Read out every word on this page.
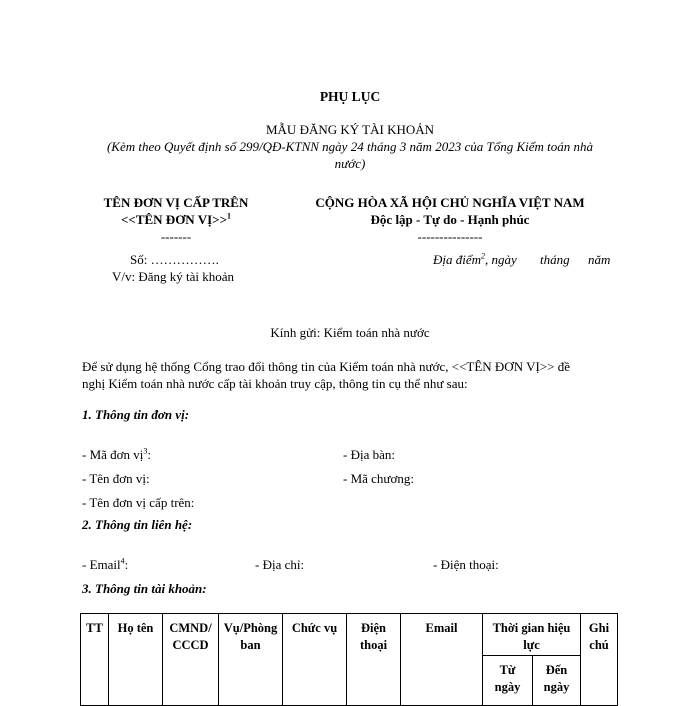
PHỤ LỤC
MẪU ĐĂNG KÝ TÀI KHOẢN
(Kèm theo Quyết định số 299/QĐ-KTNN ngày 24 tháng 3 năm 2023 của Tổng Kiểm toán nhà
nước)
TÊN ĐƠN VỊ CẤP TRÊN
<<TÊN ĐƠN VỊ>>$^1$
-------
Số: …………….
V/v: Đăng ký tài khoản
CỘNG HÒA XÃ HỘI CHỦ NGHĨA VIỆT NAM
Độc lập - Tự do - Hạnh phúc
---------------
Địa điểm$^2$, ngày tháng năm
Kính gửi: Kiểm toán nhà nước
Để sử dụng hệ thống Cổng trao đổi thông tin của Kiểm toán nhà nước, <<TÊN ĐƠN VỊ>> đề
nghị Kiểm toán nhà nước cấp tài khoản truy cập, thông tin cụ thể như sau:
1. Thông tin đơn vị:
- Mã đơn vị$^3$:	- Địa bàn:
- Tên đơn vị:	- Mã chương:
- Tên đơn vị cấp trên:
2. Thông tin liên hệ:
- Email$^4$:	- Địa chỉ:	- Điện thoại:
3. Thông tin tài khoản:
TT	Họ tên	CMND/ CCCD	Vụ/Phòng ban	Chức vụ	Điện thoại	Email	Thời gian hiệu lực		Ghi chú
							Từ ngày	Đến ngày	
